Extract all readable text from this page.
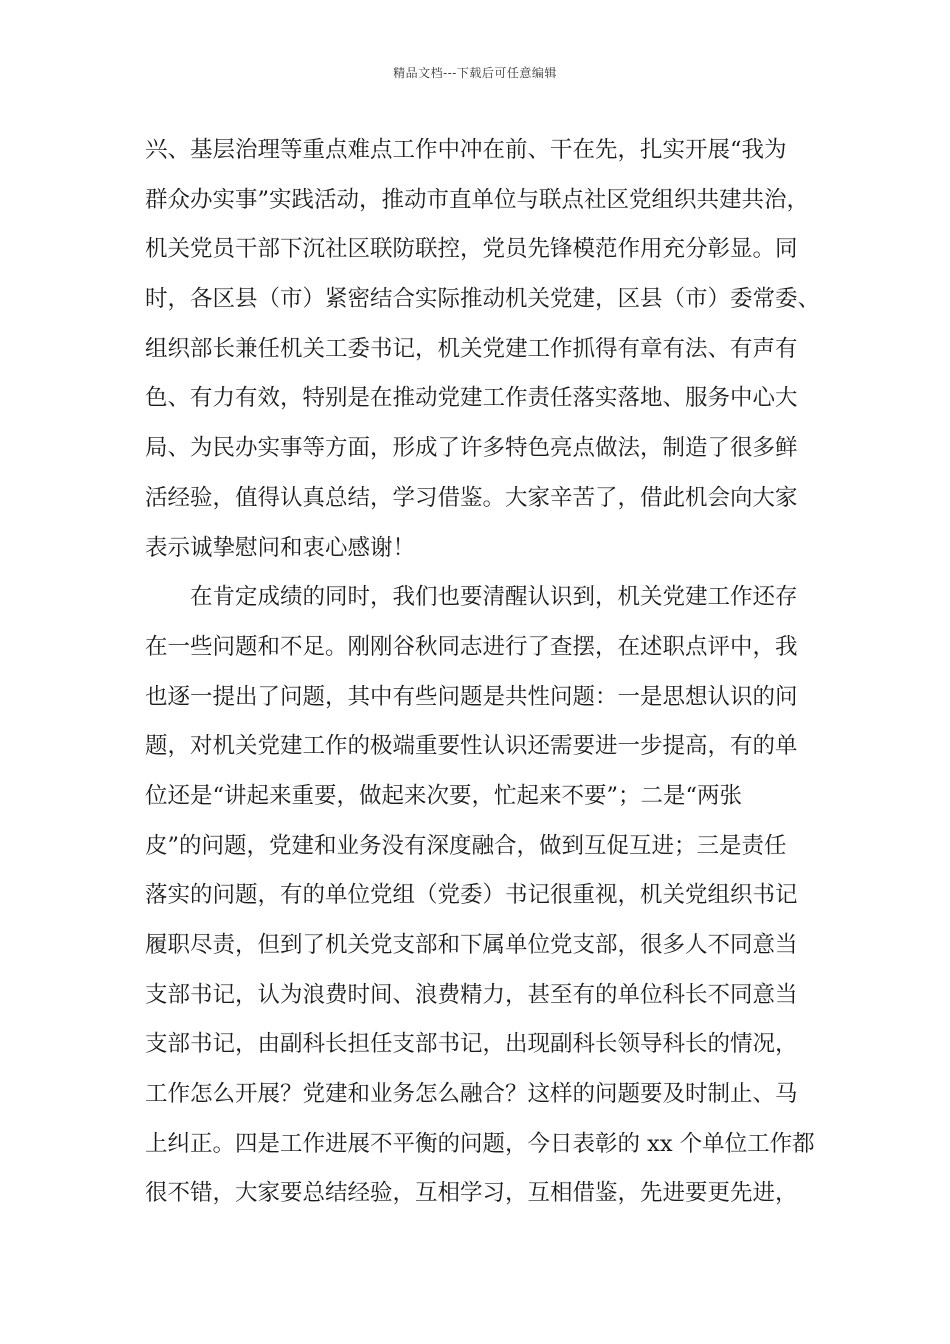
精品文档---下载后可任意编辑
兴、基层治理等重点难点工作中冲在前、干在先，扎实开展“我为
群众办实事”实践活动，推动市直单位与联点社区党组织共建共治，
机关党员干部下沉社区联防联控，党员先锋模范作用充分彰显。同
时，各区县（市）紧密结合实际推动机关党建，区县（市）委常委、
组织部长兼任机关工委书记，机关党建工作抓得有章有法、有声有
色、有力有效，特别是在推动党建工作责任落实落地、服务中心大
局、为民办实事等方面，形成了许多特色亮点做法，制造了很多鲜
活经验，值得认真总结，学习借鉴。大家辛苦了，借此机会向大家
表示诚挚慰问和衷心感谢！
在肯定成绩的同时，我们也要清醒认识到，机关党建工作还存
在一些问题和不足。刚刚谷秋同志进行了查摆，在述职点评中，我
也逐一提出了问题，其中有些问题是共性问题：一是思想认识的问
题，对机关党建工作的极端重要性认识还需要进一步提高，有的单
位还是“讲起来重要，做起来次要，忙起来不要”；二是“两张
皮”的问题，党建和业务没有深度融合，做到互促互进；三是责任
落实的问题，有的单位党组（党委）书记很重视，机关党组织书记
履职尽责，但到了机关党支部和下属单位党支部，很多人不同意当
支部书记，认为浪费时间、浪费精力，甚至有的单位科长不同意当
支部书记，由副科长担任支部书记，出现副科长领导科长的情况，
工作怎么开展？党建和业务怎么融合？这样的问题要及时制止、马
上纠正。四是工作进展不平衡的问题，今日表彰的 xx 个单位工作都
很不错，大家要总结经验，互相学习，互相借鉴，先进要更先进，
